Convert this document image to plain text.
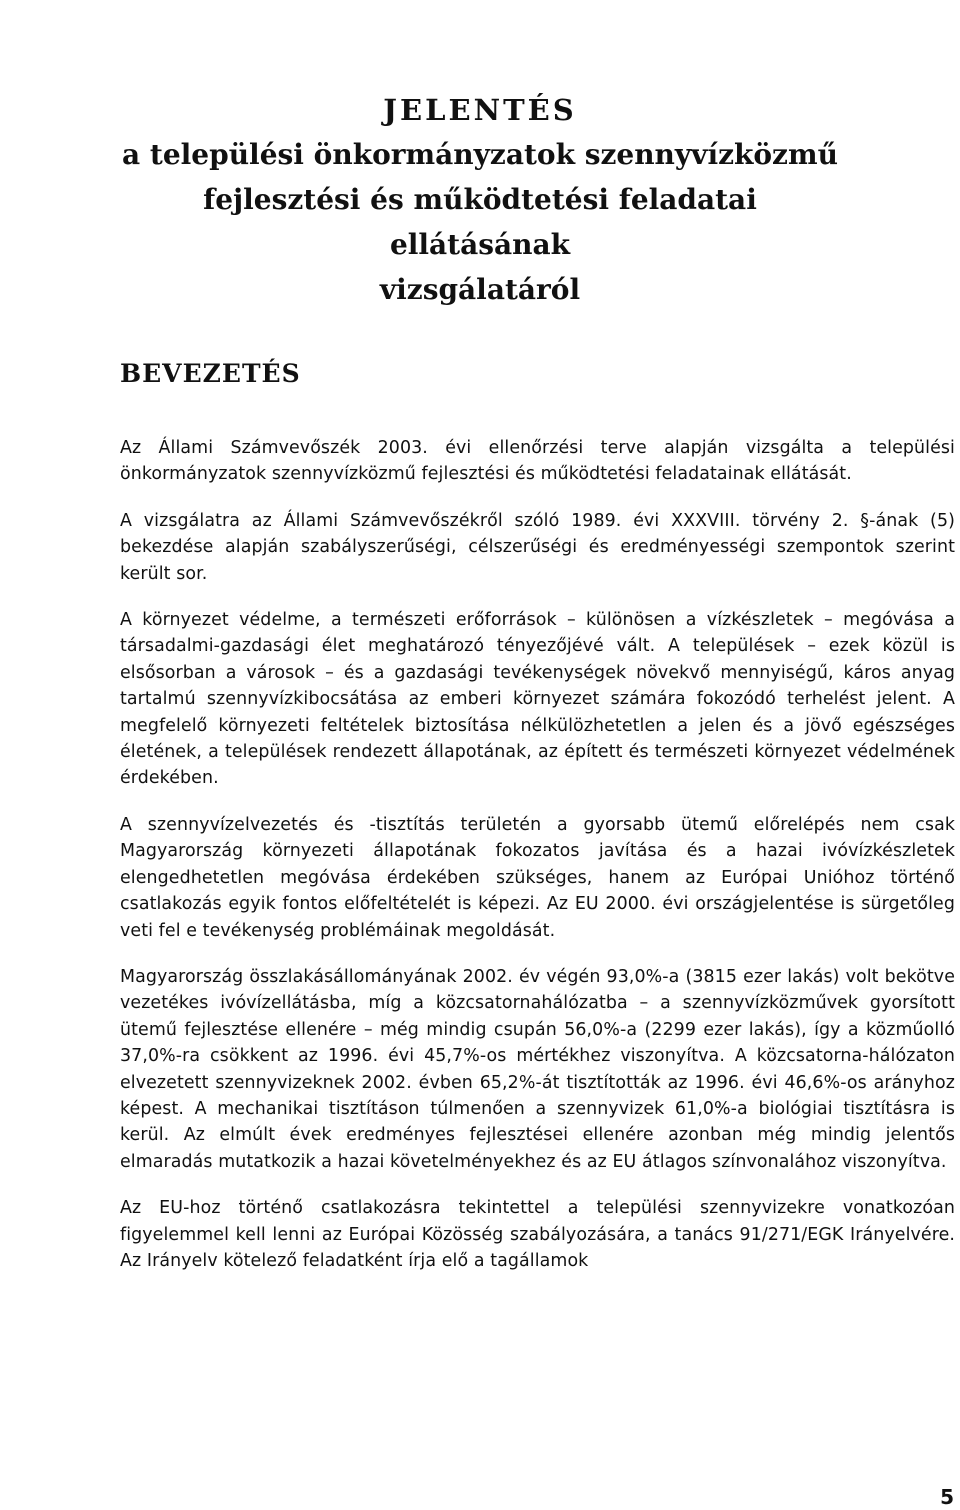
JELENTÉS
a települési önkormányzatok szennyvízközmű
fejlesztési és működtetési feladatai ellátásának
vizsgálatáról
BEVEZETÉS

Az Állami Számvevőszék 2003. évi ellenőrzési terve alapján vizsgálta a települési önkormányzatok szennyvízközmű fejlesztési és működtetési feladatainak ellátását.

A vizsgálatra az Állami Számvevőszékről szóló 1989. évi XXXVIII. törvény 2. §-ának (5) bekezdése alapján szabályszerűségi, célszerűségi és eredményességi szempontok szerint került sor.

A környezet védelme, a természeti erőforrások – különösen a vízkészletek – megóvása a társadalmi-gazdasági élet meghatározó tényezőjévé vált. A települések – ezek közül is elsősorban a városok – és a gazdasági tevékenységek növekvő mennyiségű, káros anyag tartalmú szennyvízkibocsátása az emberi környezet számára fokozódó terhelést jelent. A megfelelő környezeti feltételek biztosítása nélkülözhetetlen a jelen és a jövő egészséges életének, a települések rendezett állapotának, az épített és természeti környezet védelmének érdekében.

A szennyvízelvezetés és -tisztítás területén a gyorsabb ütemű előrelépés nem csak Magyarország környezeti állapotának fokozatos javítása és a hazai ivóvízkészletek elengedhetetlen megóvása érdekében szükséges, hanem az Európai Unióhoz történő csatlakozás egyik fontos előfeltételét is képezi. Az EU 2000. évi országjelentése is sürgetőleg veti fel e tevékenység problémáinak megoldását.

Magyarország összlakásállományának 2002. év végén 93,0%-a (3815 ezer lakás) volt bekötve vezetékes ivóvízellátásba, míg a közcsatornahálózatba – a szennyvízközművek gyorsított ütemű fejlesztése ellenére – még mindig csupán 56,0%-a (2299 ezer lakás), így a közműolló 37,0%-ra csökkent az 1996. évi 45,7%-os mértékhez viszonyítva. A közcsatorna-hálózaton elvezetett szennyvizeknek 2002. évben 65,2%-át tisztították az 1996. évi 46,6%-os arányhoz képest. A mechanikai tisztításon túlmenően a szennyvizek 61,0%-a biológiai tisztításra is kerül. Az elmúlt évek eredményes fejlesztései ellenére azonban még mindig jelentős elmaradás mutatkozik a hazai követelményekhez és az EU átlagos színvonalához viszonyítva.

Az EU-hoz történő csatlakozásra tekintettel a települési szennyvizekre vonatkozóan figyelemmel kell lenni az Európai Közösség szabályozására, a tanács 91/271/EGK Irányelvére. Az Irányelv kötelező feladatként írja elő a tagállamok

5
